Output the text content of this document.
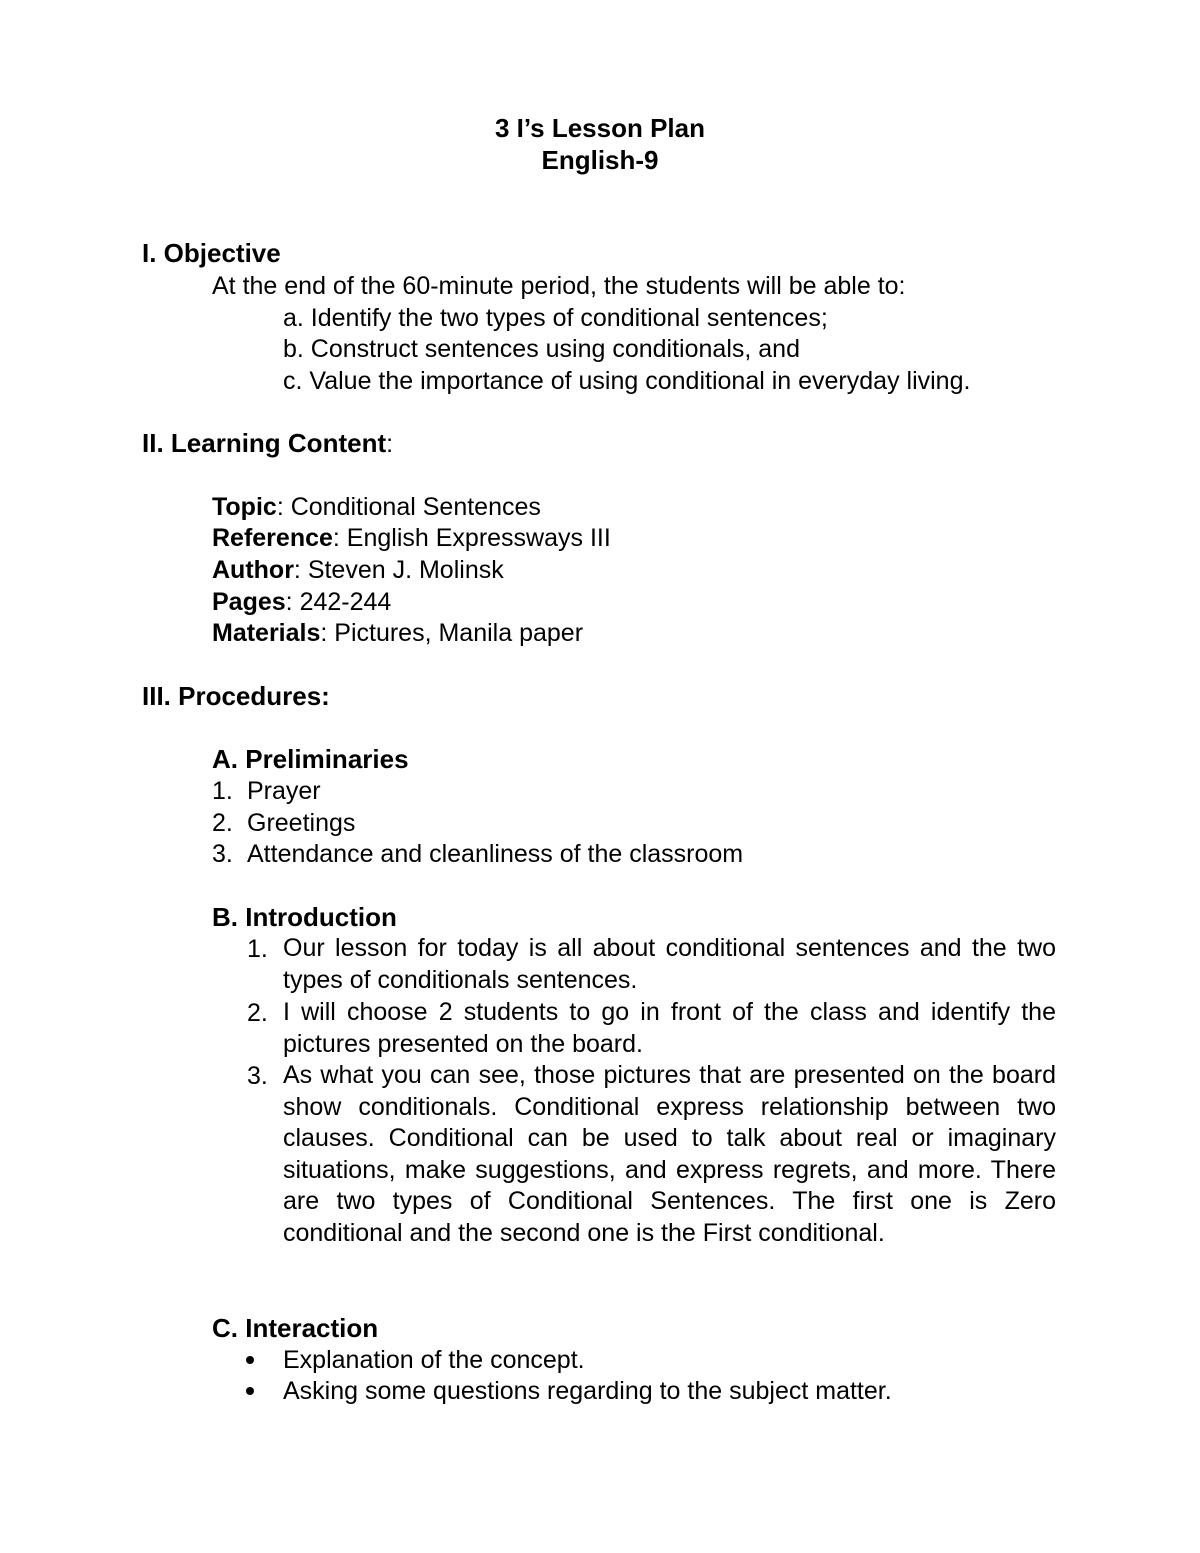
3 I’s Lesson Plan
English-9
I. Objective
At the end of the 60-minute period, the students will be able to:
a. Identify the two types of conditional sentences;
b. Construct sentences using conditionals, and
c. Value the importance of using conditional in everyday living.
II. Learning Content:
Topic: Conditional Sentences
Reference: English Expressways III
Author: Steven J. Molinsk
Pages: 242-244
Materials: Pictures, Manila paper
III. Procedures:
A. Preliminaries
1. Prayer
2. Greetings
3. Attendance and cleanliness of the classroom
B. Introduction
1. Our lesson for today is all about conditional sentences and the two types of conditionals sentences.
2. I will choose 2 students to go in front of the class and identify the pictures presented on the board.
3. As what you can see, those pictures that are presented on the board show conditionals. Conditional express relationship between two clauses. Conditional can be used to talk about real or imaginary situations, make suggestions, and express regrets, and more. There are two types of Conditional Sentences. The first one is Zero conditional and the second one is the First conditional.
C. Interaction
Explanation of the concept.
Asking some questions regarding to the subject matter.
